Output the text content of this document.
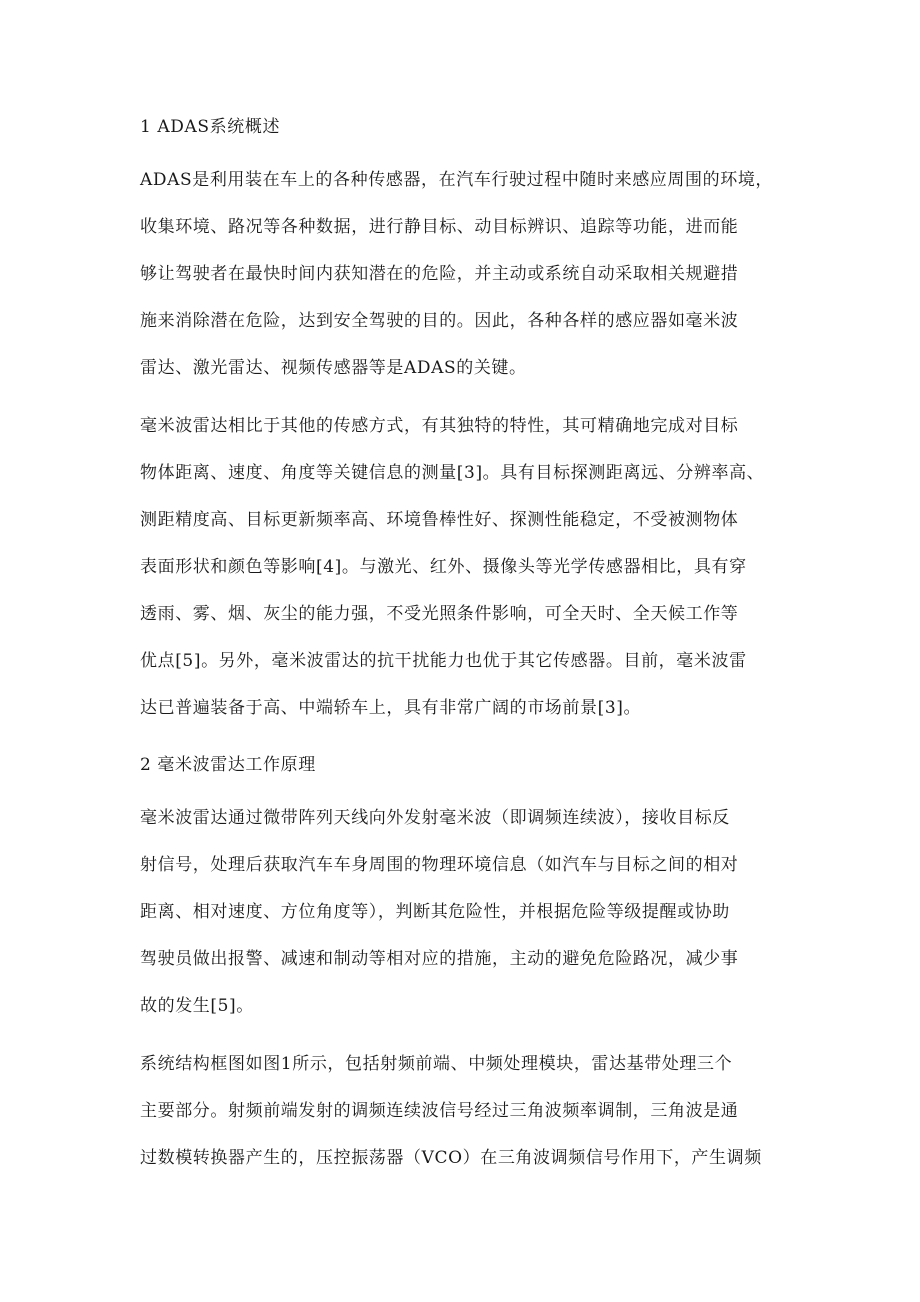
1 ADAS系统概述
ADAS是利用装在车上的各种传感器，在汽车行驶过程中随时来感应周围的环境，
收集环境、路况等各种数据，进行静目标、动目标辨识、追踪等功能，进而能
够让驾驶者在最快时间内获知潜在的危险，并主动或系统自动采取相关规避措
施来消除潜在危险，达到安全驾驶的目的。因此，各种各样的感应器如毫米波
雷达、激光雷达、视频传感器等是ADAS的关键。
毫米波雷达相比于其他的传感方式，有其独特的特性，其可精确地完成对目标
物体距离、速度、角度等关键信息的测量[3]。具有目标探测距离远、分辨率高、
测距精度高、目标更新频率高、环境鲁棒性好、探测性能稳定，不受被测物体
表面形状和颜色等影响[4]。与激光、红外、摄像头等光学传感器相比，具有穿
透雨、雾、烟、灰尘的能力强，不受光照条件影响，可全天时、全天候工作等
优点[5]。另外，毫米波雷达的抗干扰能力也优于其它传感器。目前，毫米波雷
达已普遍装备于高、中端轿车上，具有非常广阔的市场前景[3]。
2 毫米波雷达工作原理
毫米波雷达通过微带阵列天线向外发射毫米波（即调频连续波），接收目标反
射信号，处理后获取汽车车身周围的物理环境信息（如汽车与目标之间的相对
距离、相对速度、方位角度等），判断其危险性，并根据危险等级提醒或协助
驾驶员做出报警、减速和制动等相对应的措施，主动的避免危险路况，减少事
故的发生[5]。
系统结构框图如图1所示，包括射频前端、中频处理模块，雷达基带处理三个
主要部分。射频前端发射的调频连续波信号经过三角波频率调制，三角波是通
过数模转换器产生的，压控振荡器（VCO）在三角波调频信号作用下，产生调频
